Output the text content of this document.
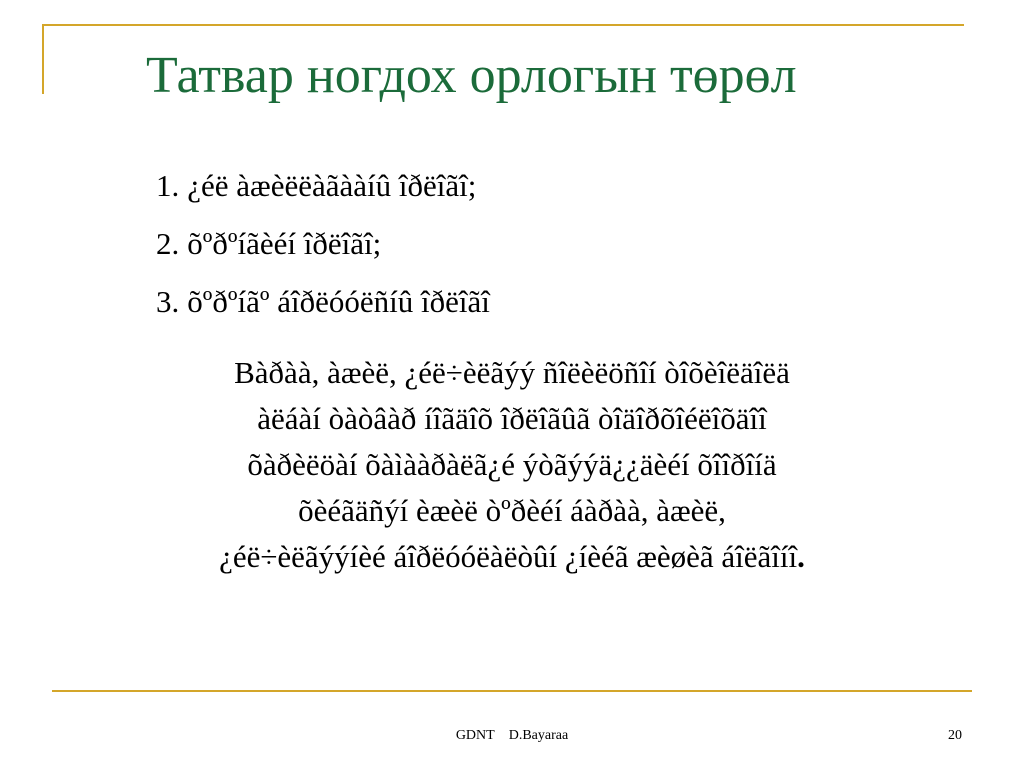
Татвар ногдох орлогын төрөл
1. ¿éë àæèëëàãààíû îðëîãî;
2. õºðºíãèéí îðëîãî;
3. õºðºíãº áîðëóóëñíû îðëîãî
Bàðàà, àæèë, ¿éë÷èëãýý ñîëèëöñîí òîõèîëäîëä
àëáàí òàòâàð íîãäîõ îðëîãûã òîäîðõîéëîõäîî
õàðèëöàí õàìààðàëã¿é ýòãýýä¿¿äèéí õîîðîíä
õèéãäñýí èæèë òºðèéí áàðàà, àæèë,
¿éë÷èëãýýíèé áîðëóóëàëòûí ¿íèéã æèøèã áîëãîíî.
GDNT D.Bayaraa	20
